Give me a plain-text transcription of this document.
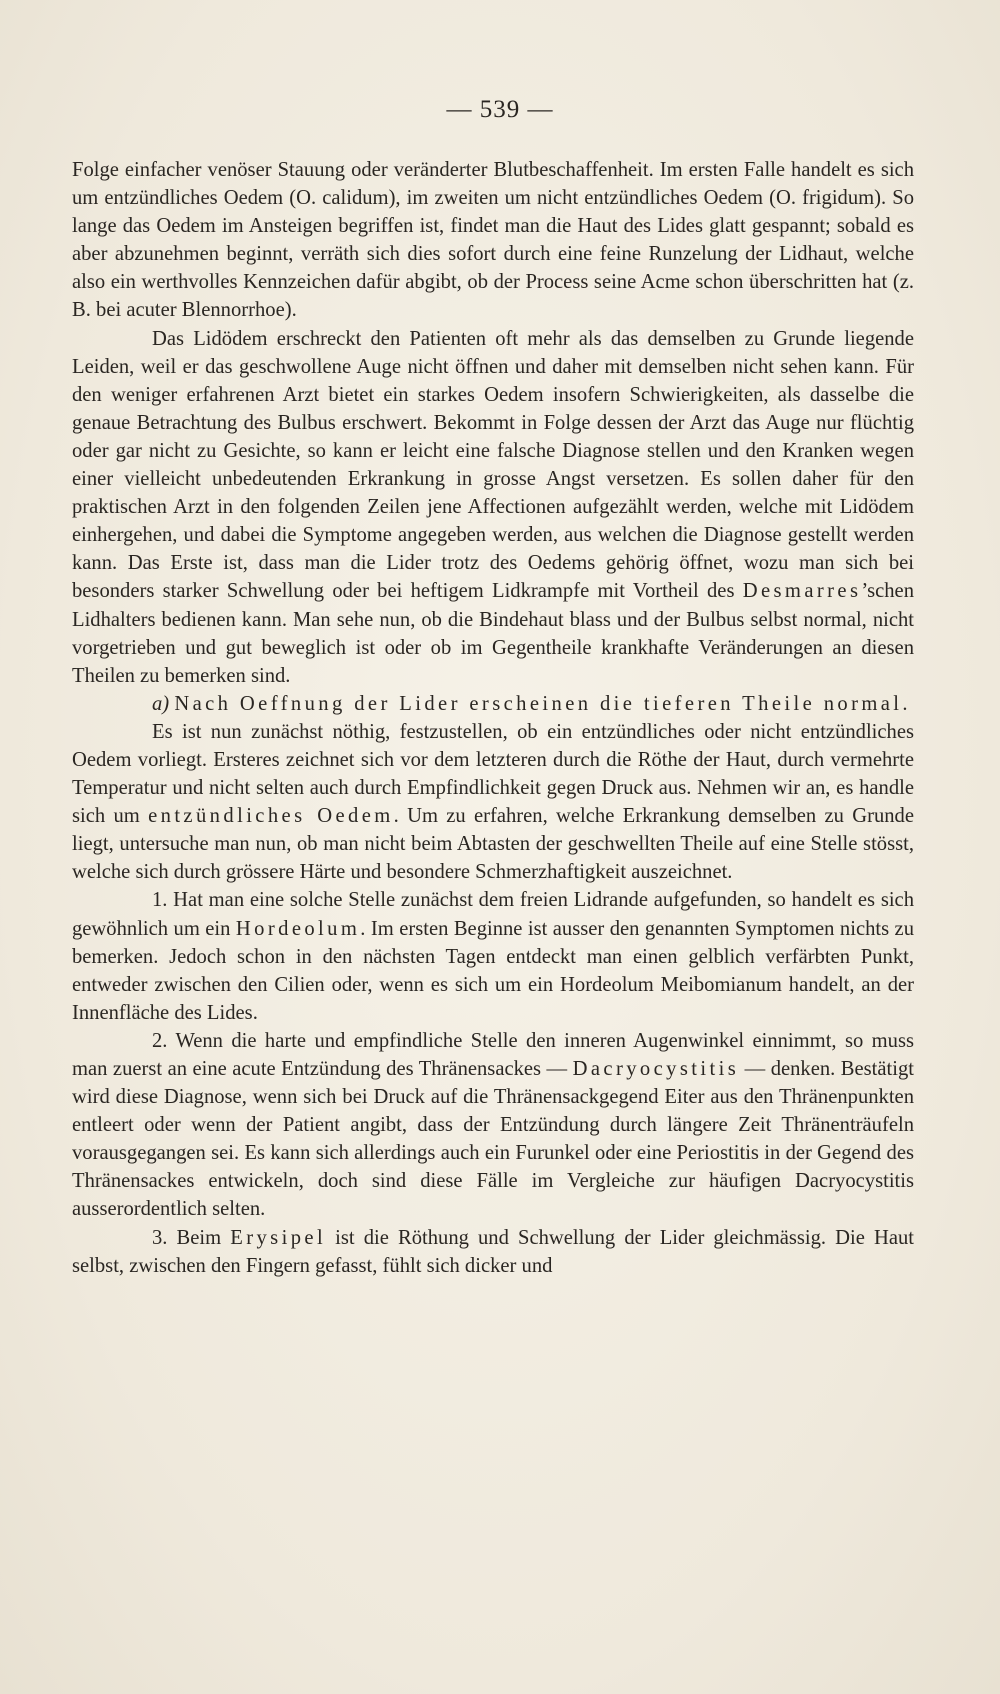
— 539 —

Folge einfacher venöser Stauung oder veränderter Blutbeschaffenheit. Im ersten Falle handelt es sich um entzündliches Oedem (O. calidum), im zweiten um nicht entzündliches Oedem (O. frigidum). So lange das Oedem im Ansteigen begriffen ist, findet man die Haut des Lides glatt gespannt; sobald es aber abzunehmen beginnt, verräth sich dies sofort durch eine feine Runzelung der Lidhaut, welche also ein werthvolles Kennzeichen dafür abgibt, ob der Process seine Acme schon überschritten hat (z. B. bei acuter Blennorrhoe).

Das Lidödem erschreckt den Patienten oft mehr als das demselben zu Grunde liegende Leiden, weil er das geschwollene Auge nicht öffnen und daher mit demselben nicht sehen kann. Für den weniger erfahrenen Arzt bietet ein starkes Oedem insofern Schwierigkeiten, als dasselbe die genaue Betrachtung des Bulbus erschwert. Bekommt in Folge dessen der Arzt das Auge nur flüchtig oder gar nicht zu Gesichte, so kann er leicht eine falsche Diagnose stellen und den Kranken wegen einer vielleicht unbedeutenden Erkrankung in grosse Angst versetzen. Es sollen daher für den praktischen Arzt in den folgenden Zeilen jene Affectionen aufgezählt werden, welche mit Lidödem einhergehen, und dabei die Symptome angegeben werden, aus welchen die Diagnose gestellt werden kann. Das Erste ist, dass man die Lider trotz des Oedems gehörig öffnet, wozu man sich bei besonders starker Schwellung oder bei heftigem Lidkrampfe mit Vortheil des Desmarres’schen Lidhalters bedienen kann. Man sehe nun, ob die Bindehaut blass und der Bulbus selbst normal, nicht vorgetrieben und gut beweglich ist oder ob im Gegentheile krankhafte Veränderungen an diesen Theilen zu bemerken sind.

a) Nach Oeffnung der Lider erscheinen die tieferen Theile normal.

Es ist nun zunächst nöthig, festzustellen, ob ein entzündliches oder nicht entzündliches Oedem vorliegt. Ersteres zeichnet sich vor dem letzteren durch die Röthe der Haut, durch vermehrte Temperatur und nicht selten auch durch Empfindlichkeit gegen Druck aus. Nehmen wir an, es handle sich um entzündliches Oedem. Um zu erfahren, welche Erkrankung demselben zu Grunde liegt, untersuche man nun, ob man nicht beim Abtasten der geschwellten Theile auf eine Stelle stösst, welche sich durch grössere Härte und besondere Schmerzhaftigkeit auszeichnet.

1. Hat man eine solche Stelle zunächst dem freien Lidrande aufgefunden, so handelt es sich gewöhnlich um ein Hordeolum. Im ersten Beginne ist ausser den genannten Symptomen nichts zu bemerken. Jedoch schon in den nächsten Tagen entdeckt man einen gelblich verfärbten Punkt, entweder zwischen den Cilien oder, wenn es sich um ein Hordeolum Meibomianum handelt, an der Innenfläche des Lides.

2. Wenn die harte und empfindliche Stelle den inneren Augenwinkel einnimmt, so muss man zuerst an eine acute Entzündung des Thränensackes — Dacryocystitis — denken. Bestätigt wird diese Diagnose, wenn sich bei Druck auf die Thränensackgegend Eiter aus den Thränenpunkten entleert oder wenn der Patient angibt, dass der Entzündung durch längere Zeit Thränenträufeln vorausgegangen sei. Es kann sich allerdings auch ein Furunkel oder eine Periostitis in der Gegend des Thränensackes entwickeln, doch sind diese Fälle im Vergleiche zur häufigen Dacryocystitis ausserordentlich selten.

3. Beim Erysipel ist die Röthung und Schwellung der Lider gleichmässig. Die Haut selbst, zwischen den Fingern gefasst, fühlt sich dicker und
